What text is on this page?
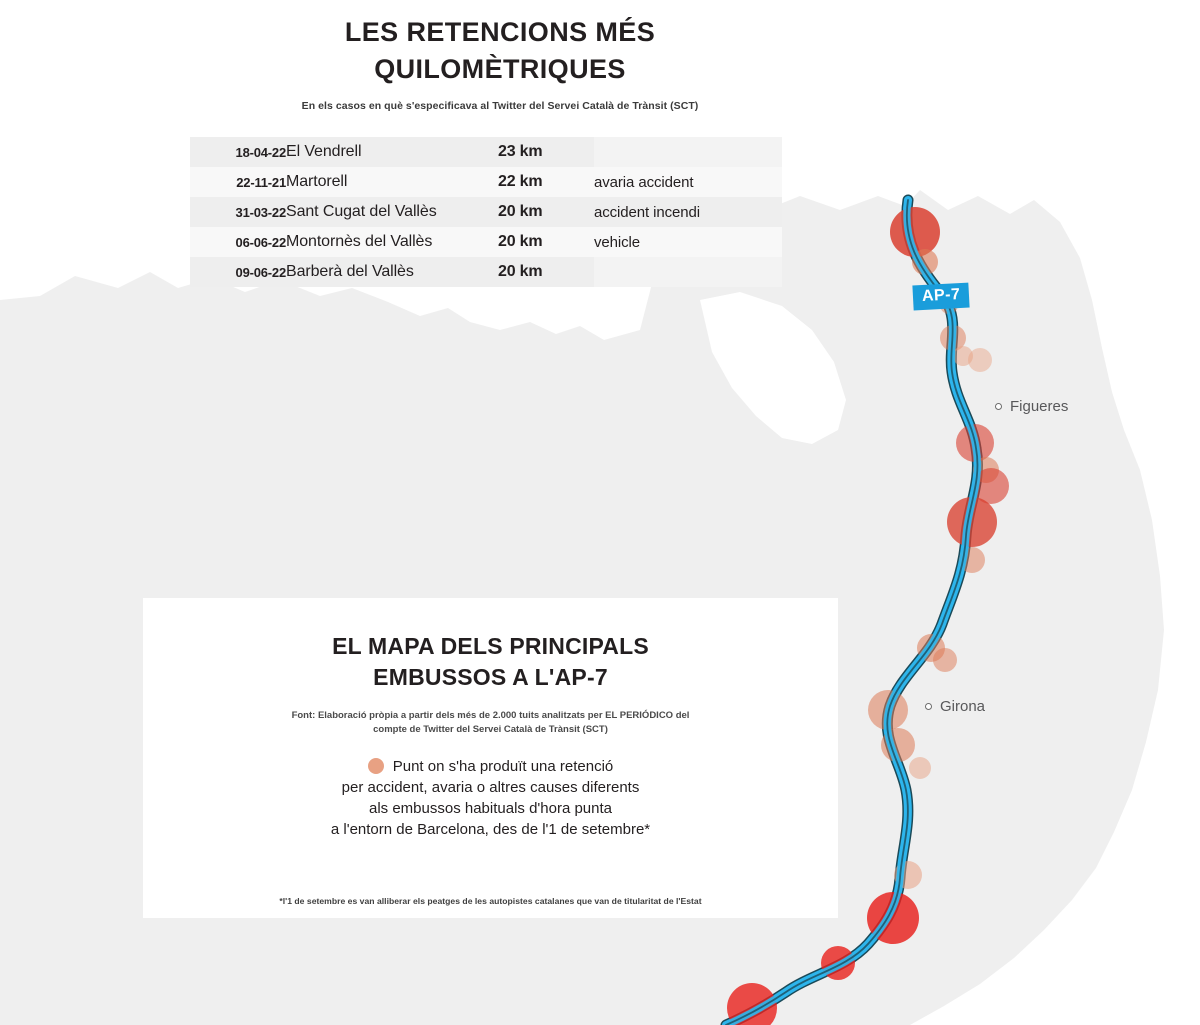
AP-7
Figueres
Girona
LES RETENCIONS MÉS
QUILOMÈTRIQUES
En els casos en què s'especificava al Twitter del Servei Català de Trànsit (SCT)
18-04-22	El Vendrell	23 km	
22-11-21	Martorell	22 km	avaria accident
31-03-22	Sant Cugat del Vallès	20 km	accident incendi
06-06-22	Montornès del Vallès	20 km	vehicle
09-06-22	Barberà del Vallès	20 km	
EL MAPA DELS PRINCIPALS
EMBUSSOS A L'AP-7
Font: Elaboració pròpia a partir dels més de 2.000 tuits analitzats per EL PERIÓDICO del
compte de Twitter del Servei Català de Trànsit (SCT)
Punt on s'ha produït una retenció
per accident, avaria o altres causes diferents
als embussos habituals d'hora punta
a l'entorn de Barcelona, des de l'1 de setembre*
*l'1 de setembre es van alliberar els peatges de les autopistes catalanes que van de titularitat de l'Estat
